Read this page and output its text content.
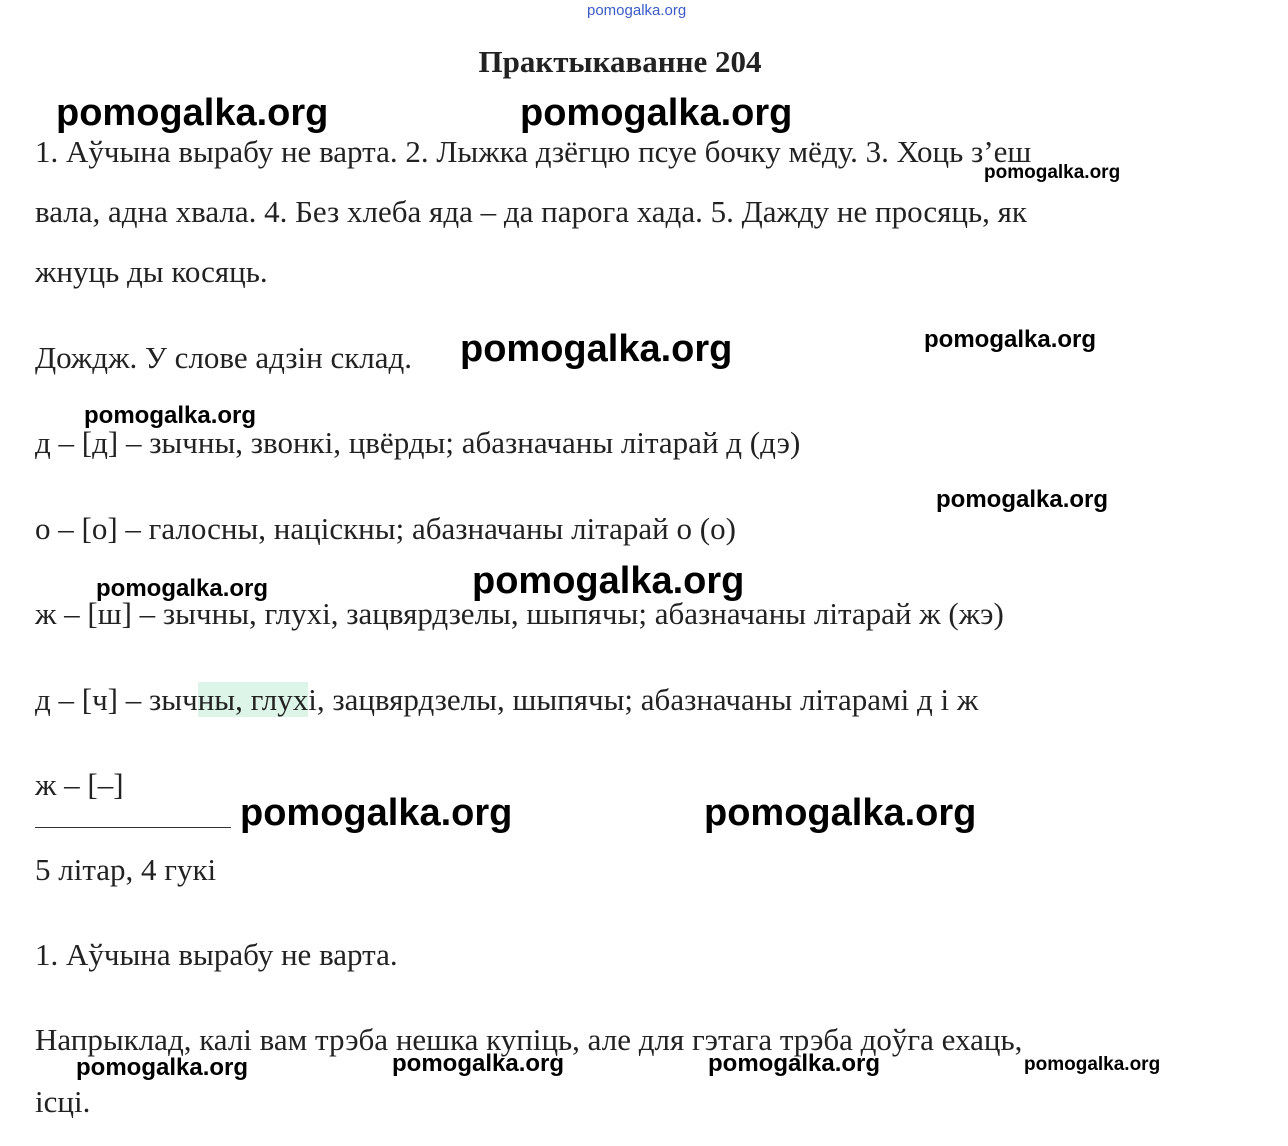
pomogalka.org
Практыкаванне 204
1. Аўчына вырабу не варта. 2. Лыжка дзёгцю псуе бочку мёду. 3. Хоць з’еш
вала, адна хвала. 4. Без хлеба яда – да парога хада. 5. Дажду не просяць, як
жнуць ды косяць.
Дождж. У слове адзін склад.
д – [д] – зычны, звонкі, цвёрды; абазначаны літарай д (дэ)
о – [о] – галосны, націскны; абазначаны літарай о (о)
ж – [ш] – зычны, глухі, зацвярдзелы, шыпячы; абазначаны літарай ж (жэ)
д – [ч] – зычны, глухі, зацвярдзелы, шыпячы; абазначаны літарамі д і ж
ж – [–]
5 літар, 4 гукі
1. Аўчына вырабу не варта.
Напрыклад, калі вам трэба нешка купіць, але для гэтага трэба доўга ехаць,
ісці.
pomogalka.org	pomogalka.org
pomogalka.org
pomogalka.org	pomogalka.org
pomogalka.org
pomogalka.org
pomogalka.org
pomogalka.org
pomogalka.org	pomogalka.org
pomogalka.org	pomogalka.org	pomogalka.org	pomogalka.org
